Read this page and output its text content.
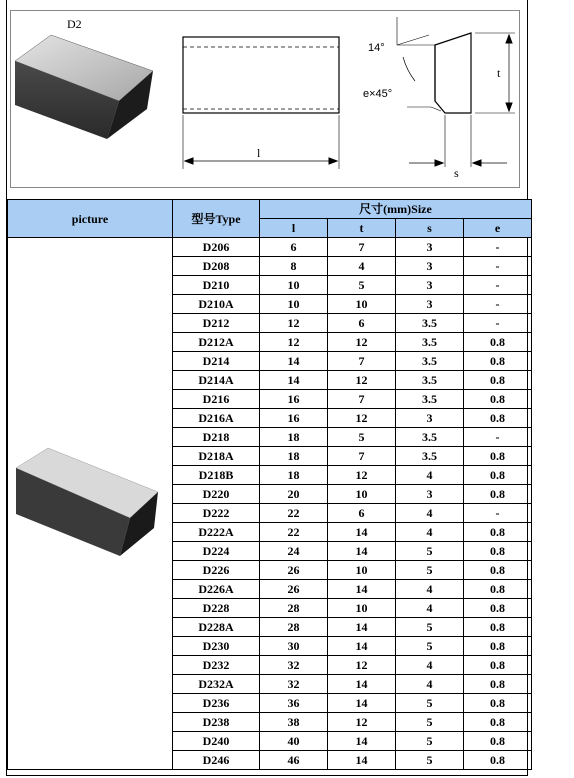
D2
l
14°
e×45°
t
s
picture	型号Type	尺寸(mm)Size			
		l	t	s	e

	D206	6	7	3	-
	D208	8	4	3	-
	D210	10	5	3	-
	D210A	10	10	3	-
	D212	12	6	3.5	-
	D212A	12	12	3.5	0.8
	D214	14	7	3.5	0.8
	D214A	14	12	3.5	0.8
	D216	16	7	3.5	0.8
	D216A	16	12	3	0.8
	D218	18	5	3.5	-
	D218A	18	7	3.5	0.8
	D218B	18	12	4	0.8
	D220	20	10	3	0.8
	D222	22	6	4	-
	D222A	22	14	4	0.8
	D224	24	14	5	0.8
	D226	26	10	5	0.8
	D226A	26	14	4	0.8
	D228	28	10	4	0.8
	D228A	28	14	5	0.8
	D230	30	14	5	0.8
	D232	32	12	4	0.8
	D232A	32	14	4	0.8
	D236	36	14	5	0.8
	D238	38	12	5	0.8
	D240	40	14	5	0.8
	D246	46	14	5	0.8
